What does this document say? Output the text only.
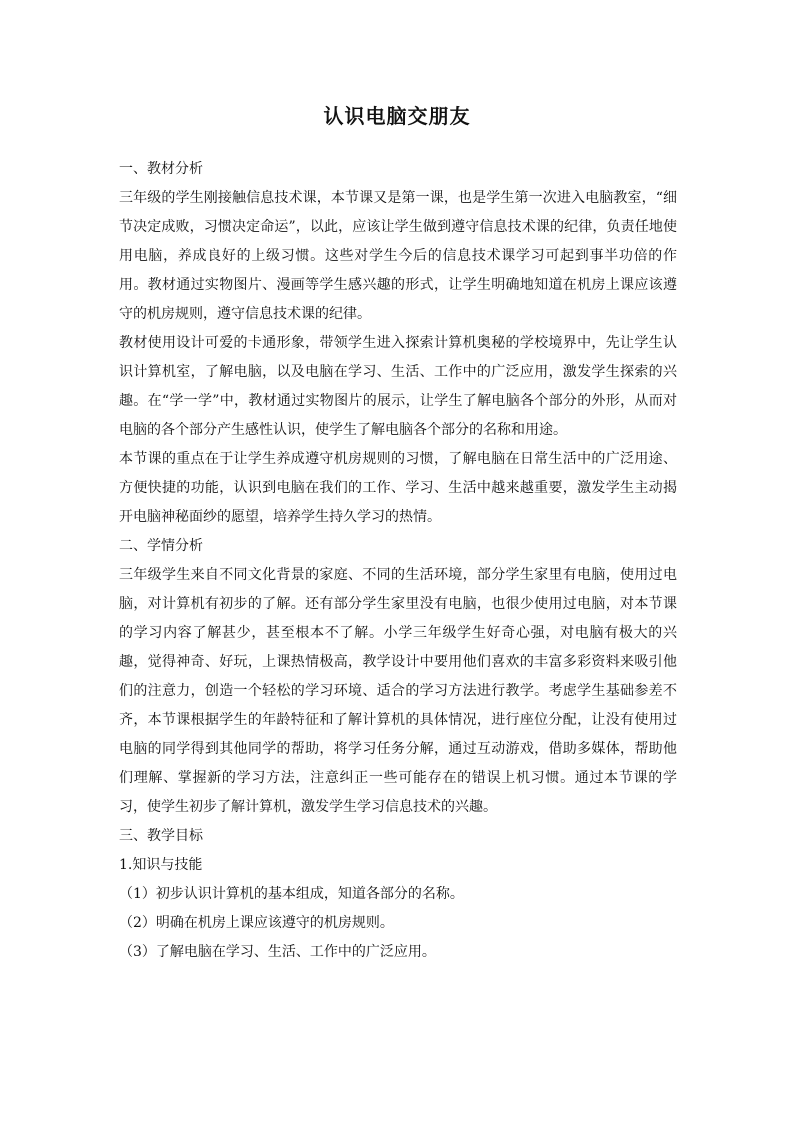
认识电脑交朋友

一、教材分析

三年级的学生刚接触信息技术课，本节课又是第一课，也是学生第一次进入电脑教室，“细节决定成败，习惯决定命运”，以此，应该让学生做到遵守信息技术课的纪律，负责任地使用电脑，养成良好的上级习惯。这些对学生今后的信息技术课学习可起到事半功倍的作用。教材通过实物图片、漫画等学生感兴趣的形式，让学生明确地知道在机房上课应该遵守的机房规则，遵守信息技术课的纪律。

教材使用设计可爱的卡通形象，带领学生进入探索计算机奥秘的学校境界中，先让学生认识计算机室，了解电脑，以及电脑在学习、生活、工作中的广泛应用，激发学生探索的兴趣。在“学一学”中，教材通过实物图片的展示，让学生了解电脑各个部分的外形，从而对电脑的各个部分产生感性认识，使学生了解电脑各个部分的名称和用途。

本节课的重点在于让学生养成遵守机房规则的习惯，了解电脑在日常生活中的广泛用途、方便快捷的功能，认识到电脑在我们的工作、学习、生活中越来越重要，激发学生主动揭开电脑神秘面纱的愿望，培养学生持久学习的热情。

二、学情分析

三年级学生来自不同文化背景的家庭、不同的生活环境，部分学生家里有电脑，使用过电脑，对计算机有初步的了解。还有部分学生家里没有电脑，也很少使用过电脑，对本节课的学习内容了解甚少，甚至根本不了解。小学三年级学生好奇心强，对电脑有极大的兴趣，觉得神奇、好玩，上课热情极高，教学设计中要用他们喜欢的丰富多彩资料来吸引他们的注意力，创造一个轻松的学习环境、适合的学习方法进行教学。考虑学生基础参差不齐，本节课根据学生的年龄特征和了解计算机的具体情况，进行座位分配，让没有使用过电脑的同学得到其他同学的帮助，将学习任务分解，通过互动游戏，借助多媒体，帮助他们理解、掌握新的学习方法，注意纠正一些可能存在的错误上机习惯。通过本节课的学习，使学生初步了解计算机，激发学生学习信息技术的兴趣。

三、教学目标

1.知识与技能

（1）初步认识计算机的基本组成，知道各部分的名称。

（2）明确在机房上课应该遵守的机房规则。

（3）了解电脑在学习、生活、工作中的广泛应用。
